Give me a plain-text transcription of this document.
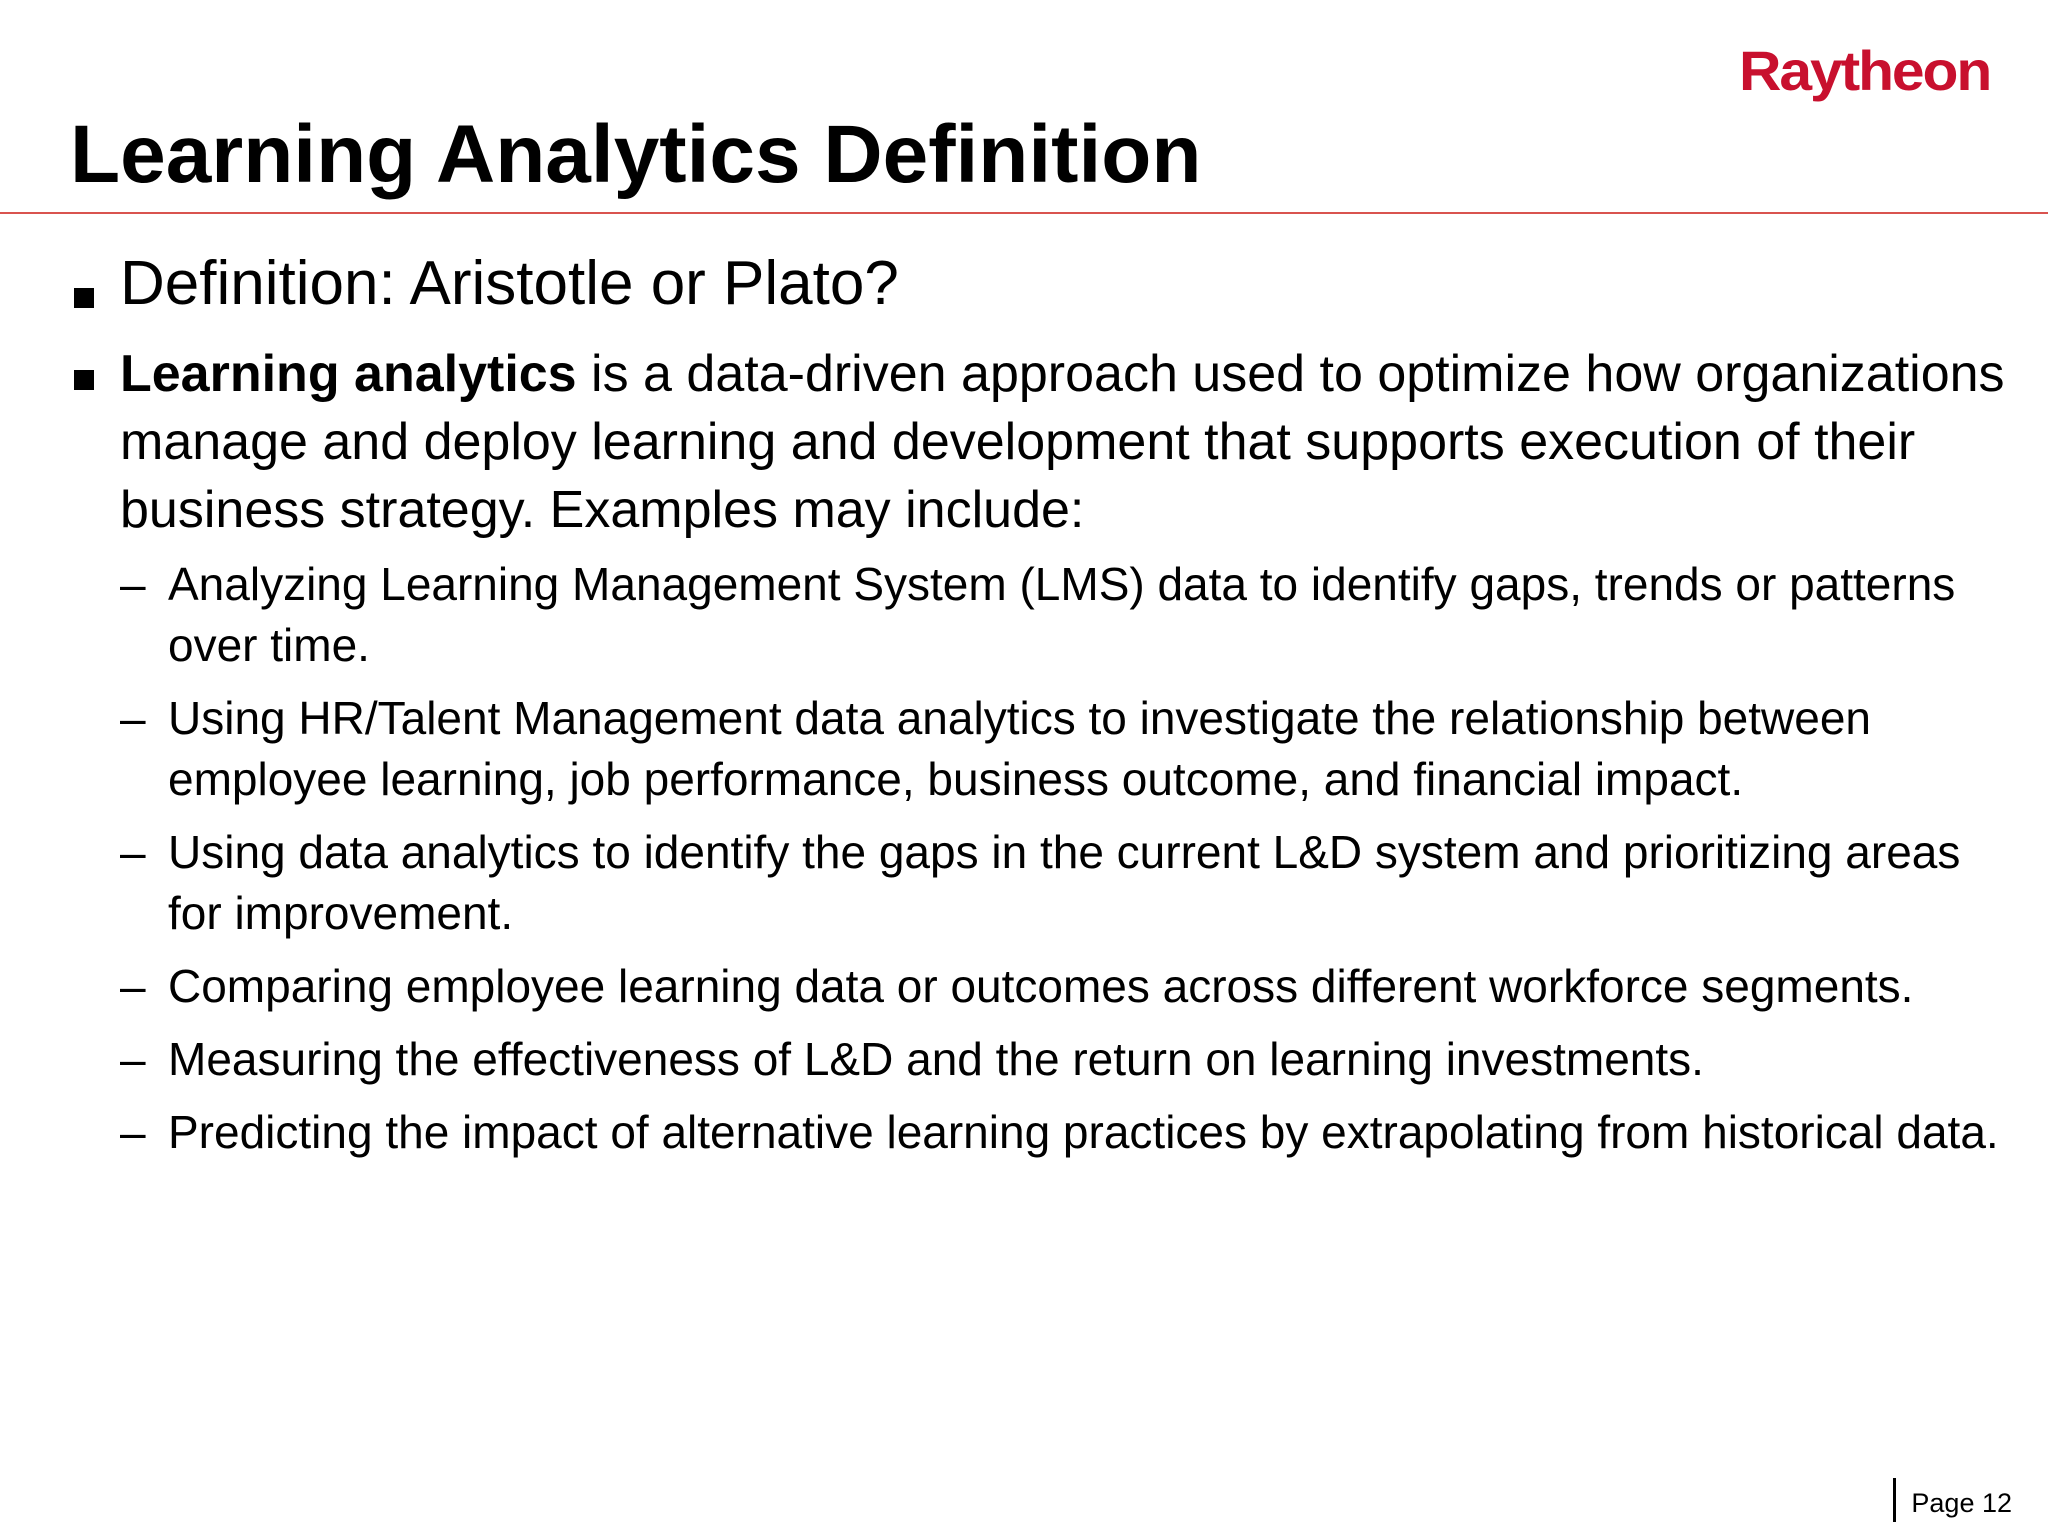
Raytheon
Learning Analytics Definition
Definition: Aristotle or Plato?
Learning analytics is a data-driven approach used to optimize how organizations manage and deploy learning and development that supports execution of their business strategy. Examples may include:
– Analyzing Learning Management System (LMS) data to identify gaps, trends or patterns over time.
– Using HR/Talent Management data analytics to investigate the relationship between employee learning, job performance, business outcome, and financial impact.
– Using data analytics to identify the gaps in the current L&D system and prioritizing areas for improvement.
– Comparing employee learning data or outcomes across different workforce segments.
– Measuring the effectiveness of L&D and the return on learning investments.
– Predicting the impact of alternative learning practices by extrapolating from historical data.
Page 12
